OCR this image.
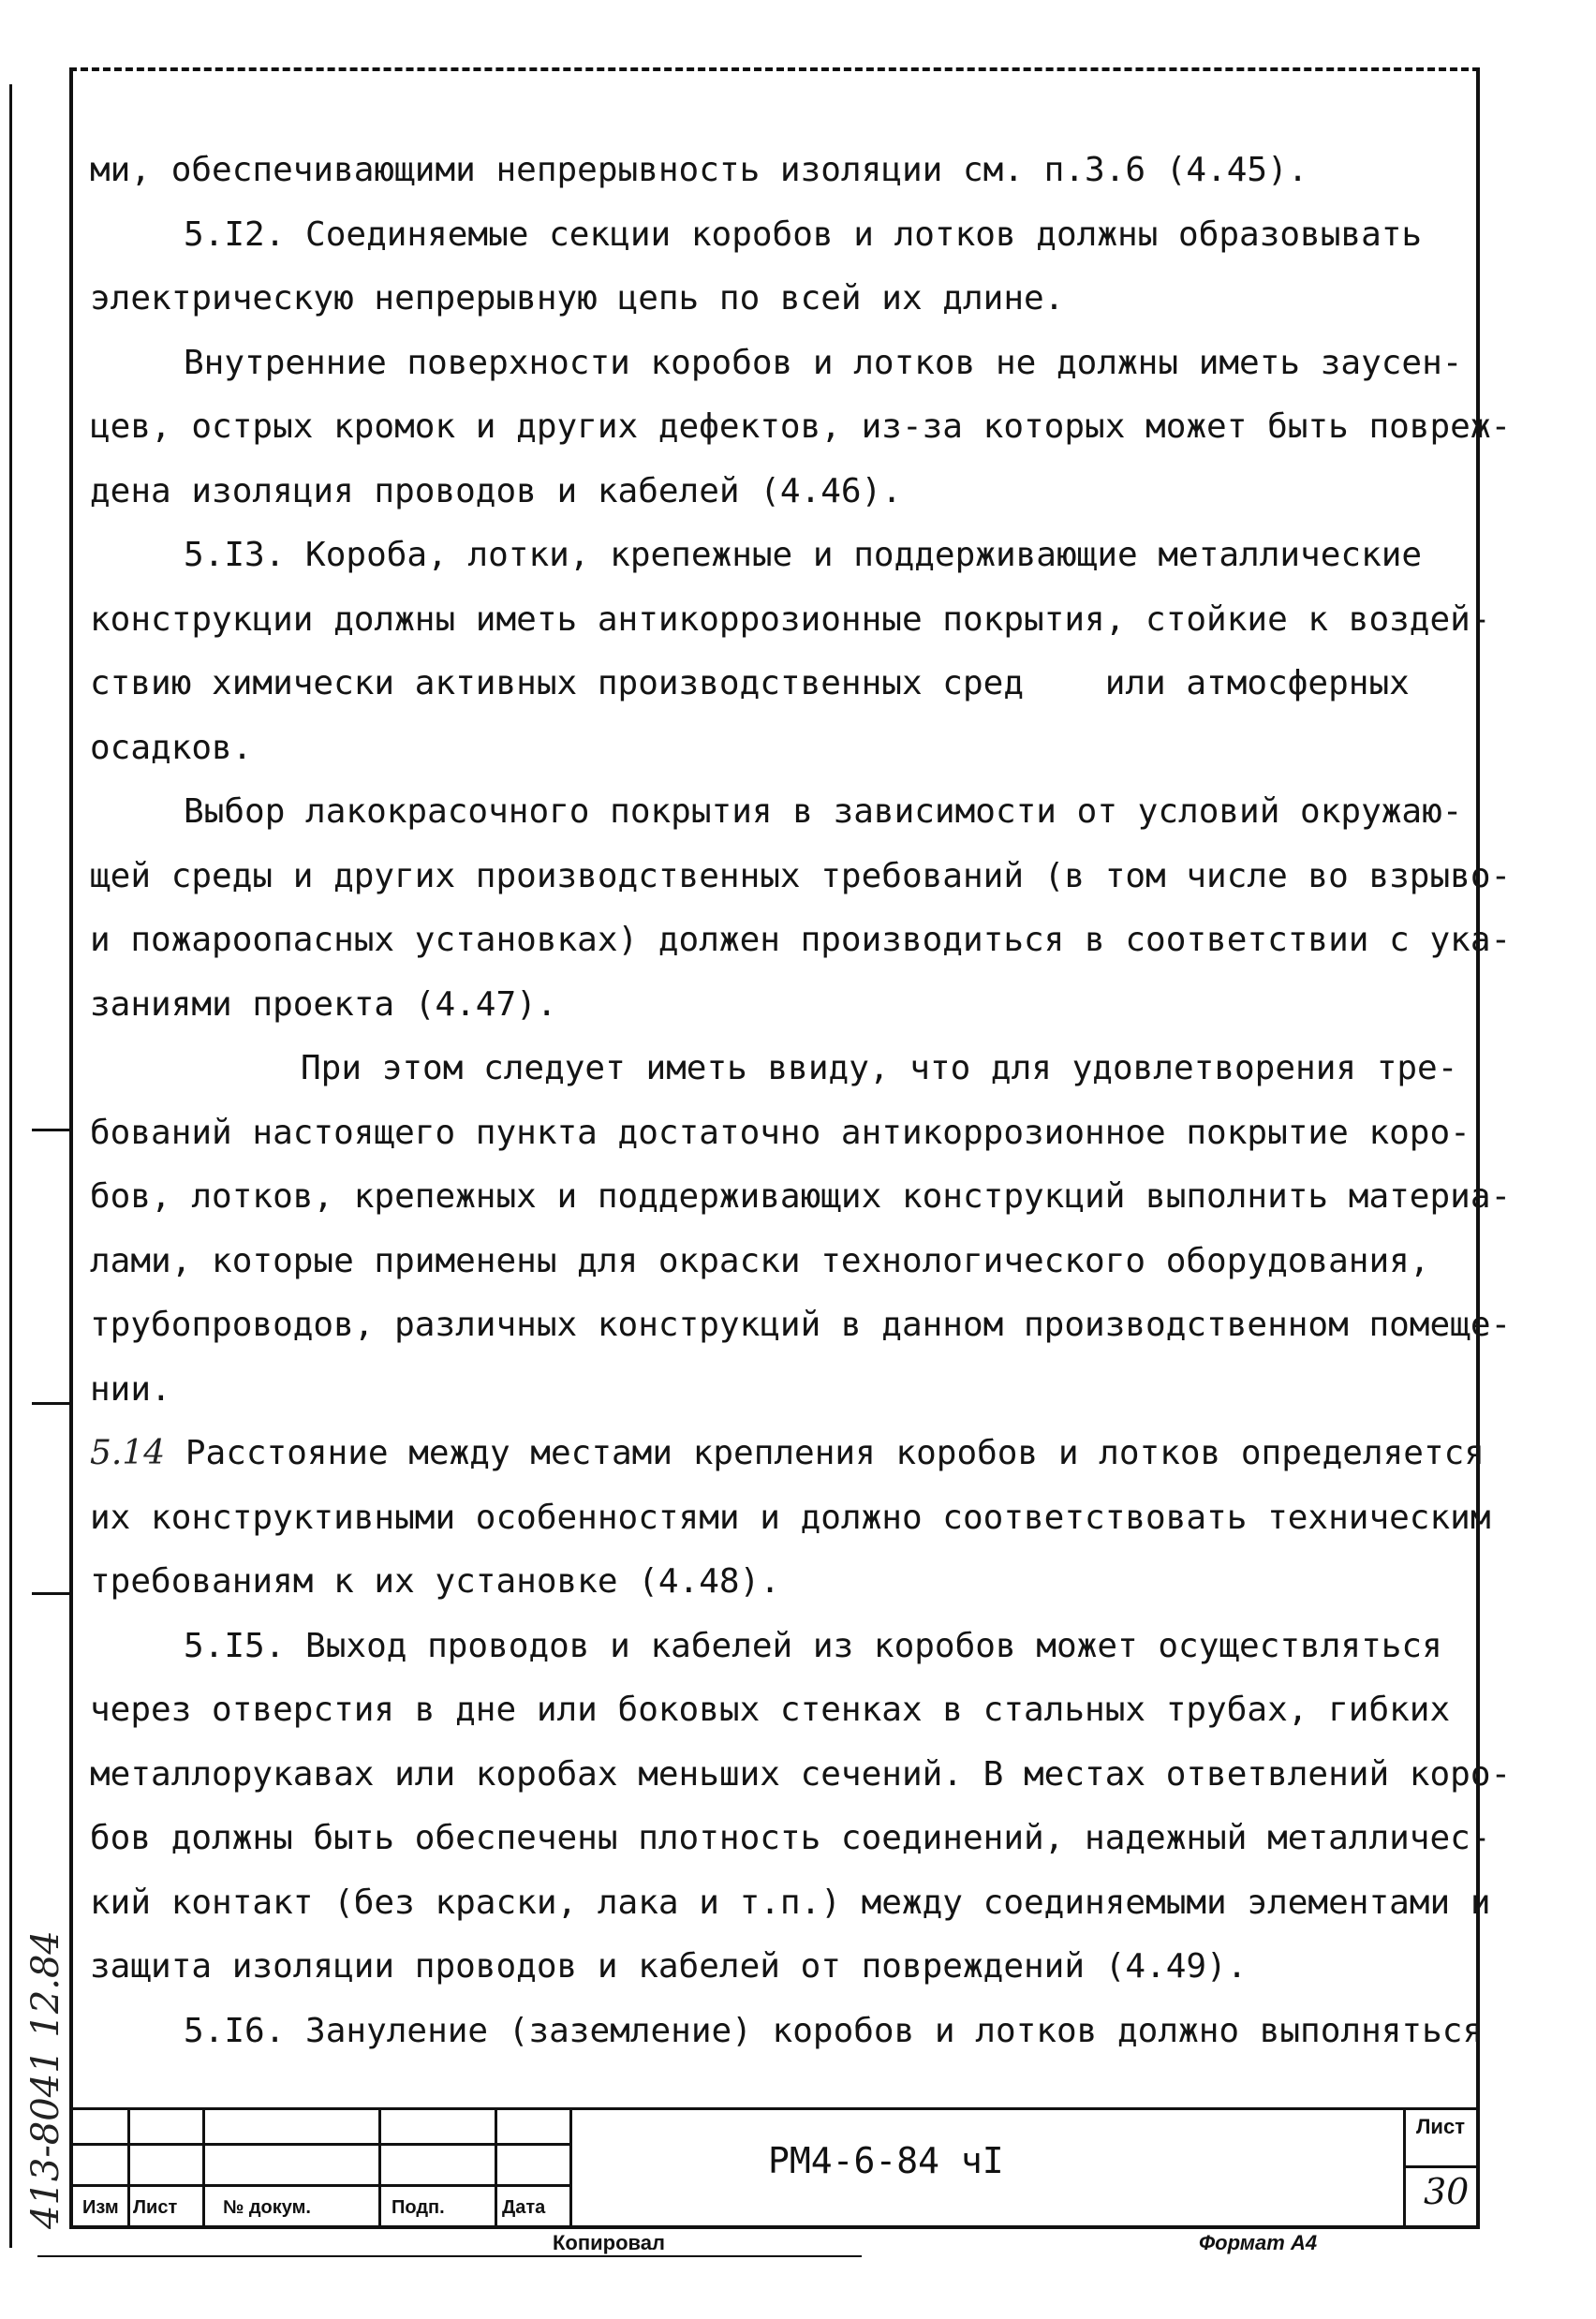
413-8041 12.84
ми, обеспечивающими непрерывность изоляции см. п.3.6 (4.45).
5.I2. Соединяемые секции коробов и лотков должны образовывать
электрическую непрерывную цепь по всей их длине.
Внутренние поверхности коробов и лотков не должны иметь заусен-
цев, острых кромок и других дефектов, из-за которых может быть повреж-
дена изоляция проводов и кабелей (4.46).
5.I3. Короба, лотки, крепежные и поддерживающие металлические
конструкции должны иметь антикоррозионные покрытия, стойкие к воздей-
ствию химически активных производственных сред    или атмосферных
осадков.
Выбор лакокрасочного покрытия в зависимости от условий окружаю-
щей среды и других производственных требований (в том числе во взрыво-
и пожароопасных установках) должен производиться в соответствии с ука-
заниями проекта (4.47).
При этом следует иметь ввиду, что для удовлетворения тре-
бований настоящего пункта достаточно антикоррозионное покрытие коро-
бов, лотков, крепежных и поддерживающих конструкций выполнить материа-
лами, которые применены для окраски технологического оборудования,
трубопроводов, различных конструкций в данном производственном помеще-
нии.
5.14 Расстояние между местами крепления коробов и лотков определяется
их конструктивными особенностями и должно соответствовать техническим
требованиям к их установке (4.48).
5.I5. Выход проводов и кабелей из коробов может осуществляться
через отверстия в дне или боковых стенках в стальных трубах, гибких
металлорукавах или коробах меньших сечений. В местах ответвлений коро-
бов должны быть обеспечены плотность соединений, надежный металличес-
кий контакт (без краски, лака и т.п.) между соединяемыми элементами и
защита изоляции проводов и кабелей от повреждений (4.49).
5.I6. Зануление (заземление) коробов и лотков должно выполняться
Изм Лист № докум.	Подп.	Дата
РМ4-6-84 чI
Лист
30
Копировал	Формат А4
